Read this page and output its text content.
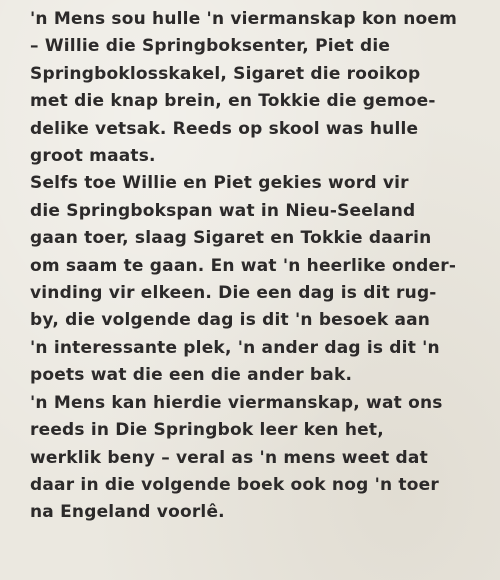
'n Mens sou hulle 'n viermanskap kon noem
– Willie die Springboksenter, Piet die
Springboklosskakel, Sigaret die rooikop
met die knap brein, en Tokkie die gemoe-
delike vetsak. Reeds op skool was hulle
groot maats.
Selfs toe Willie en Piet gekies word vir
die Springbokspan wat in Nieu-Seeland
gaan toer, slaag Sigaret en Tokkie daarin
om saam te gaan. En wat 'n heerlike onder-
vinding vir elkeen. Die een dag is dit rug-
by, die volgende dag is dit 'n besoek aan
'n interessante plek, 'n ander dag is dit 'n
poets wat die een die ander bak.
'n Mens kan hierdie viermanskap, wat ons
reeds in Die Springbok leer ken het,
werklik beny – veral as 'n mens weet dat
daar in die volgende boek ook nog 'n toer
na Engeland voorlê.
